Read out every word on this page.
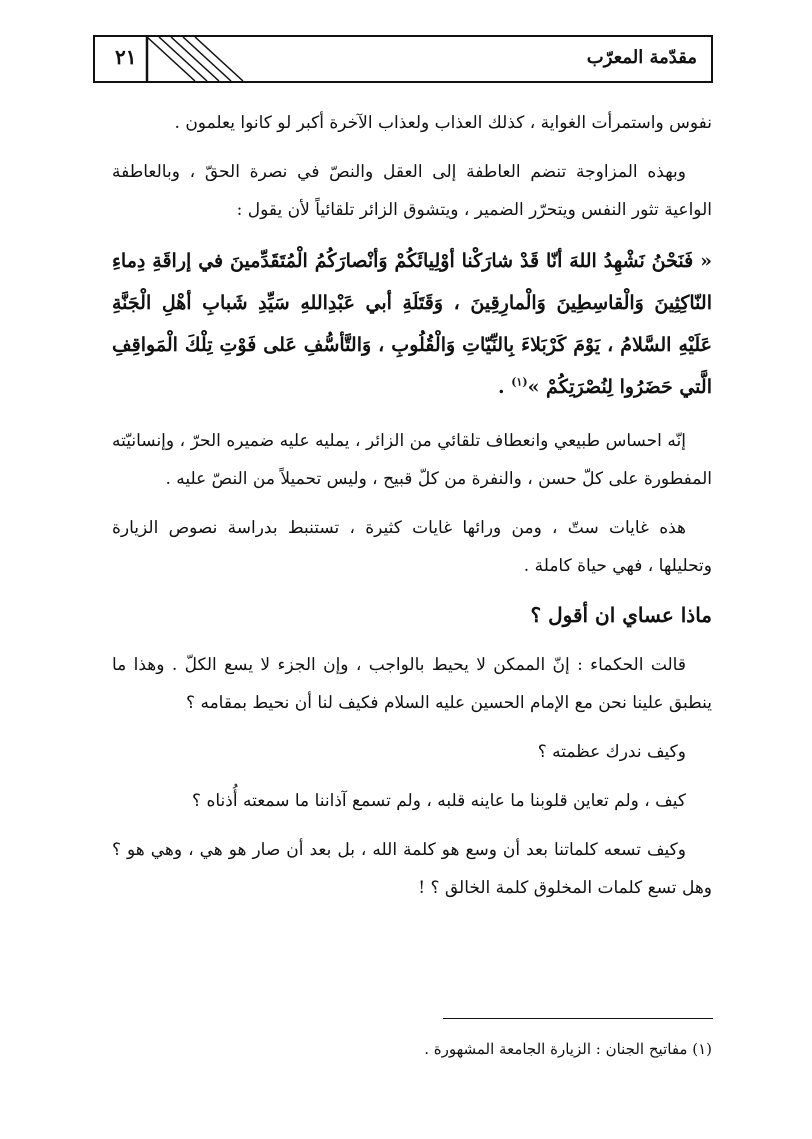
٢١	مقدّمة المعرّب

نفوس واستمرأت الغواية ، كذلك العذاب ولعذاب الآخرة أكبر لو كانوا يعلمون .

وبهذه المزاوجة تنضم العاطفة إلى العقل والنصّ في نصرة الحقّ ، وبالعاطفة الواعية تثور النفس ويتحرّر الضمير ، ويتشوق الزائر تلقائياً لأن يقول :

« فَنَحْنُ نَشْهِدُ اللهَ أنّا قَدْ شارَكْنا أوْلِيائَكُمْ وَأنْصارَكُمُ الْمُتَقَدِّمينَ في إراقَةِ دِماءِ النّاكِثِينَ وَالْقاسِطِينَ وَالْمارِقِينَ ، وَقَتَلَةِ أبي عَبْدِاللهِ سَيِّدِ شَبابِ أهْلِ الْجَنَّةِ عَلَيْهِ السَّلامُ ، يَوْمَ كَرْبَلاءَ بِالنِّيّاتِ وَالْقُلُوبِ ، وَالتَّأسُّفِ عَلى فَوْتِ تِلْكَ الْمَواقِفِ الَّتي حَضَرُوا لِنُصْرَتِكُمْ »$^{(١)}$ .

إنّه احساس طبيعي وانعطاف تلقائي من الزائر ، يمليه عليه ضميره الحرّ ، وإنسانيّته المفطورة على كلّ حسن ، والنفرة من كلّ قبيح ، وليس تحميلاً من النصّ عليه .

هذه غايات ستّ ، ومن ورائها غايات كثيرة ، تستنبط بدراسة نصوص الزيارة وتحليلها ، فهي حياة كاملة .

ماذا عساي ان أقول ؟

قالت الحكماء : إنّ الممكن لا يحيط بالواجب ، وإن الجزء لا يسع الكلّ . وهذا ما ينطبق علينا نحن مع الإمام الحسين عليه السلام فكيف لنا أن نحيط بمقامه ؟

وكيف ندرك عظمته ؟

كيف ، ولم تعاين قلوبنا ما عاينه قلبه ، ولم تسمع آذاننا ما سمعته أُذناه ؟

وكيف تسعه كلماتنا بعد أن وسع هو كلمة الله ، بل بعد أن صار هو هي ، وهي هو ؟ وهل تسع كلمات المخلوق كلمة الخالق ؟ !

(١) مفاتيح الجنان : الزيارة الجامعة المشهورة .
